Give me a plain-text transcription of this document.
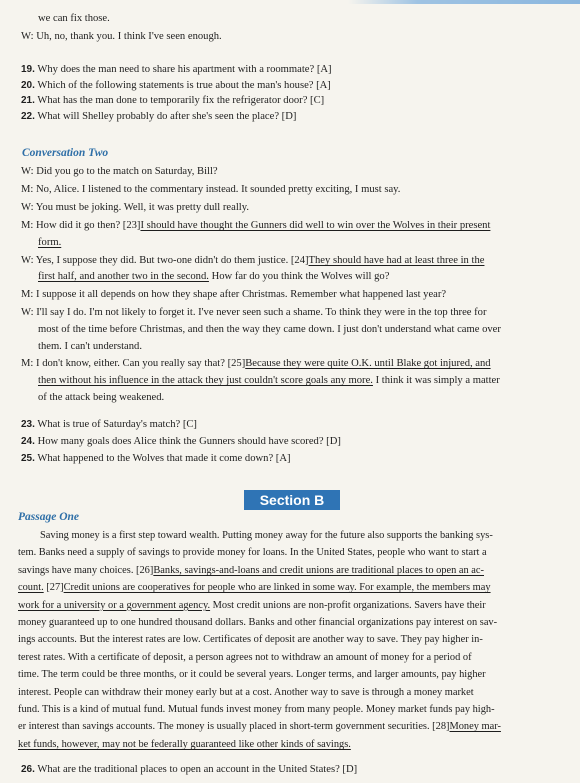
we can fix those.
W: Uh, no, thank you. I think I've seen enough.
Conversation Two
Section B
Passage One
19. Why does the man need to share his apartment with a roommate? [A]
20. Which of the following statements is true about the man's house? [A]
21. What has the man done to temporarily fix the refrigerator door? [C]
22. What will Shelley probably do after she's seen the place? [D]
W: Did you go to the match on Saturday, Bill?
M: No, Alice. I listened to the commentary instead. It sounded pretty exciting, I must say.
W: You must be joking. Well, it was pretty dull really.
M: How did it go then? [23]I should have thought the Gunners did well to win over the Wolves in their present
form.
W: Yes, I suppose they did. But two-one didn't do them justice. [24]They should have had at least three in the
first half, and another two in the second. How far do you think the Wolves will go?
M: I suppose it all depends on how they shape after Christmas. Remember what happened last year?
W: I'll say I do. I'm not likely to forget it. I've never seen such a shame. To think they were in the top three for
most of the time before Christmas, and then the way they came down. I just don't understand what came over
them. I can't understand.
M: I don't know, either. Can you really say that? [25]Because they were quite O.K. until Blake got injured, and
then without his influence in the attack they just couldn't score goals any more. I think it was simply a matter
of the attack being weakened.
23. What is true of Saturday's match? [C]
24. How many goals does Alice think the Gunners should have scored? [D]
25. What happened to the Wolves that made it come down? [A]
Saving money is a first step toward wealth. Putting money away for the future also supports the banking sys-
tem. Banks need a supply of savings to provide money for loans. In the United States, people who want to start a
savings have many choices. [26]Banks, savings-and-loans and credit unions are traditional places to open an ac-
count. [27]Credit unions are cooperatives for people who are linked in some way. For example, the members may
work for a university or a government agency. Most credit unions are non-profit organizations. Savers have their
money guaranteed up to one hundred thousand dollars. Banks and other financial organizations pay interest on sav-
ings accounts. But the interest rates are low. Certificates of deposit are another way to save. They pay higher in-
terest rates. With a certificate of deposit, a person agrees not to withdraw an amount of money for a period of
time. The term could be three months, or it could be several years. Longer terms, and larger amounts, pay higher
interest. People can withdraw their money early but at a cost. Another way to save is through a money market
fund. This is a kind of mutual fund. Mutual funds invest money from many people. Money market funds pay high-
er interest than savings accounts. The money is usually placed in short-term government securities. [28]Money mar-
ket funds, however, may not be federally guaranteed like other kinds of savings.
26. What are the traditional places to open an account in the United States? [D]
